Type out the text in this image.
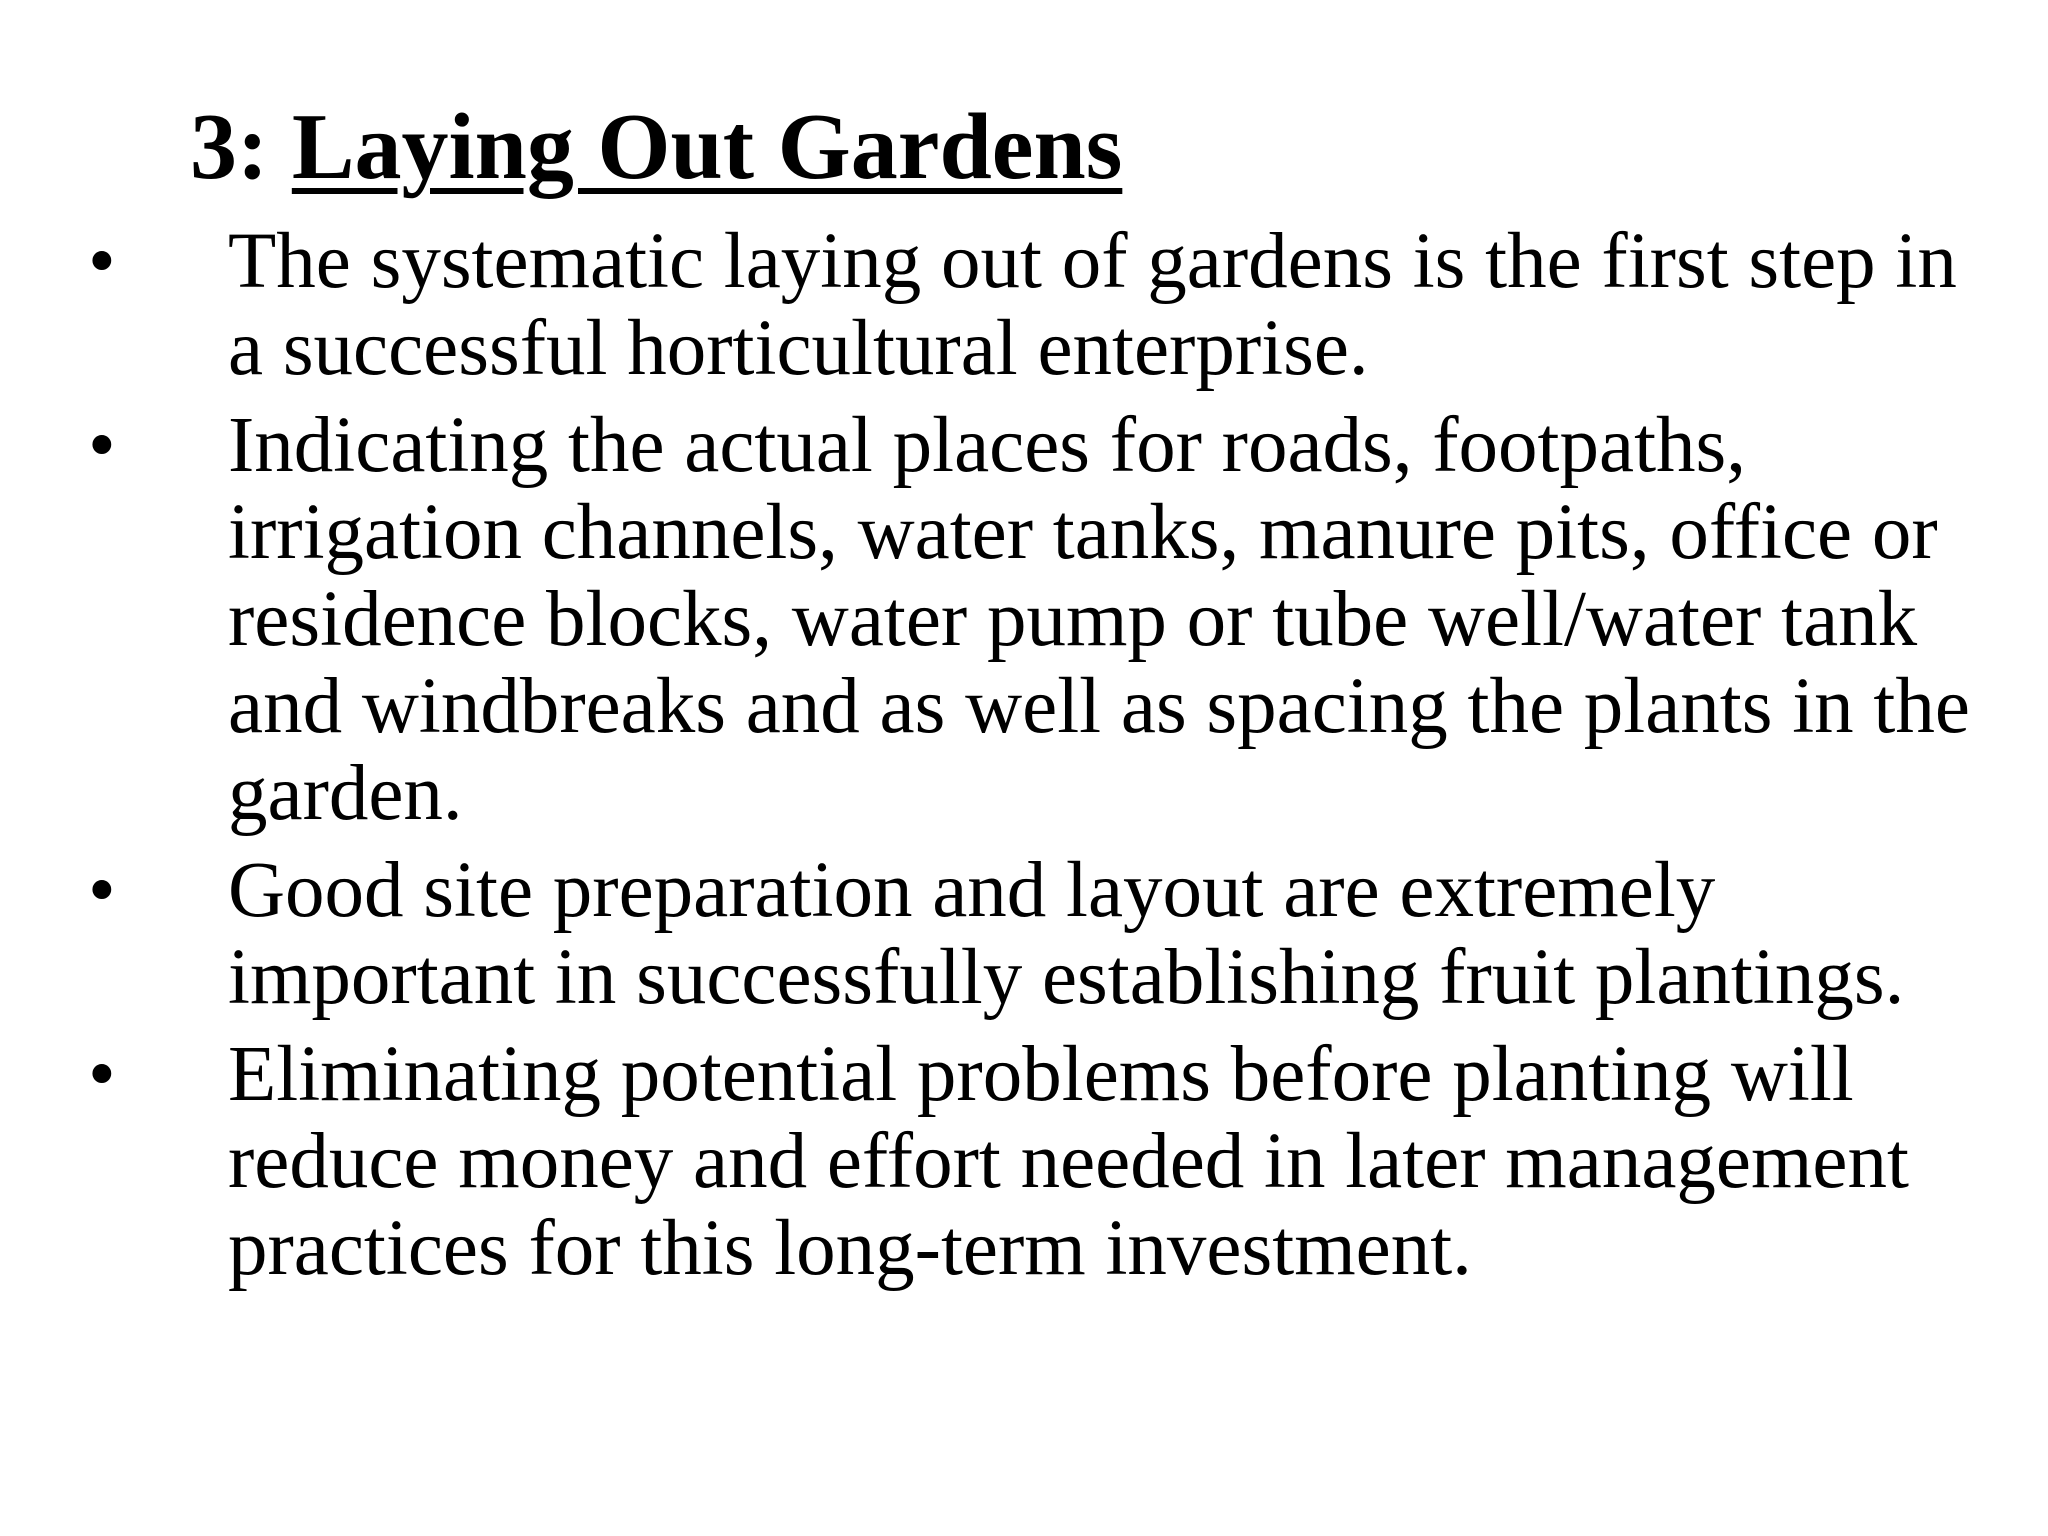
3: Laying Out Gardens
• The systematic laying out of gardens is the first step in a successful horticultural enterprise.
• Indicating the actual places for roads, footpaths, irrigation channels, water tanks, manure pits, office or residence blocks, water pump or tube well/water tank and windbreaks and as well as spacing the plants in the garden.
• Good site preparation and layout are extremely important in successfully establishing fruit plantings.
• Eliminating potential problems before planting will reduce money and effort needed in later management practices for this long-term investment.
